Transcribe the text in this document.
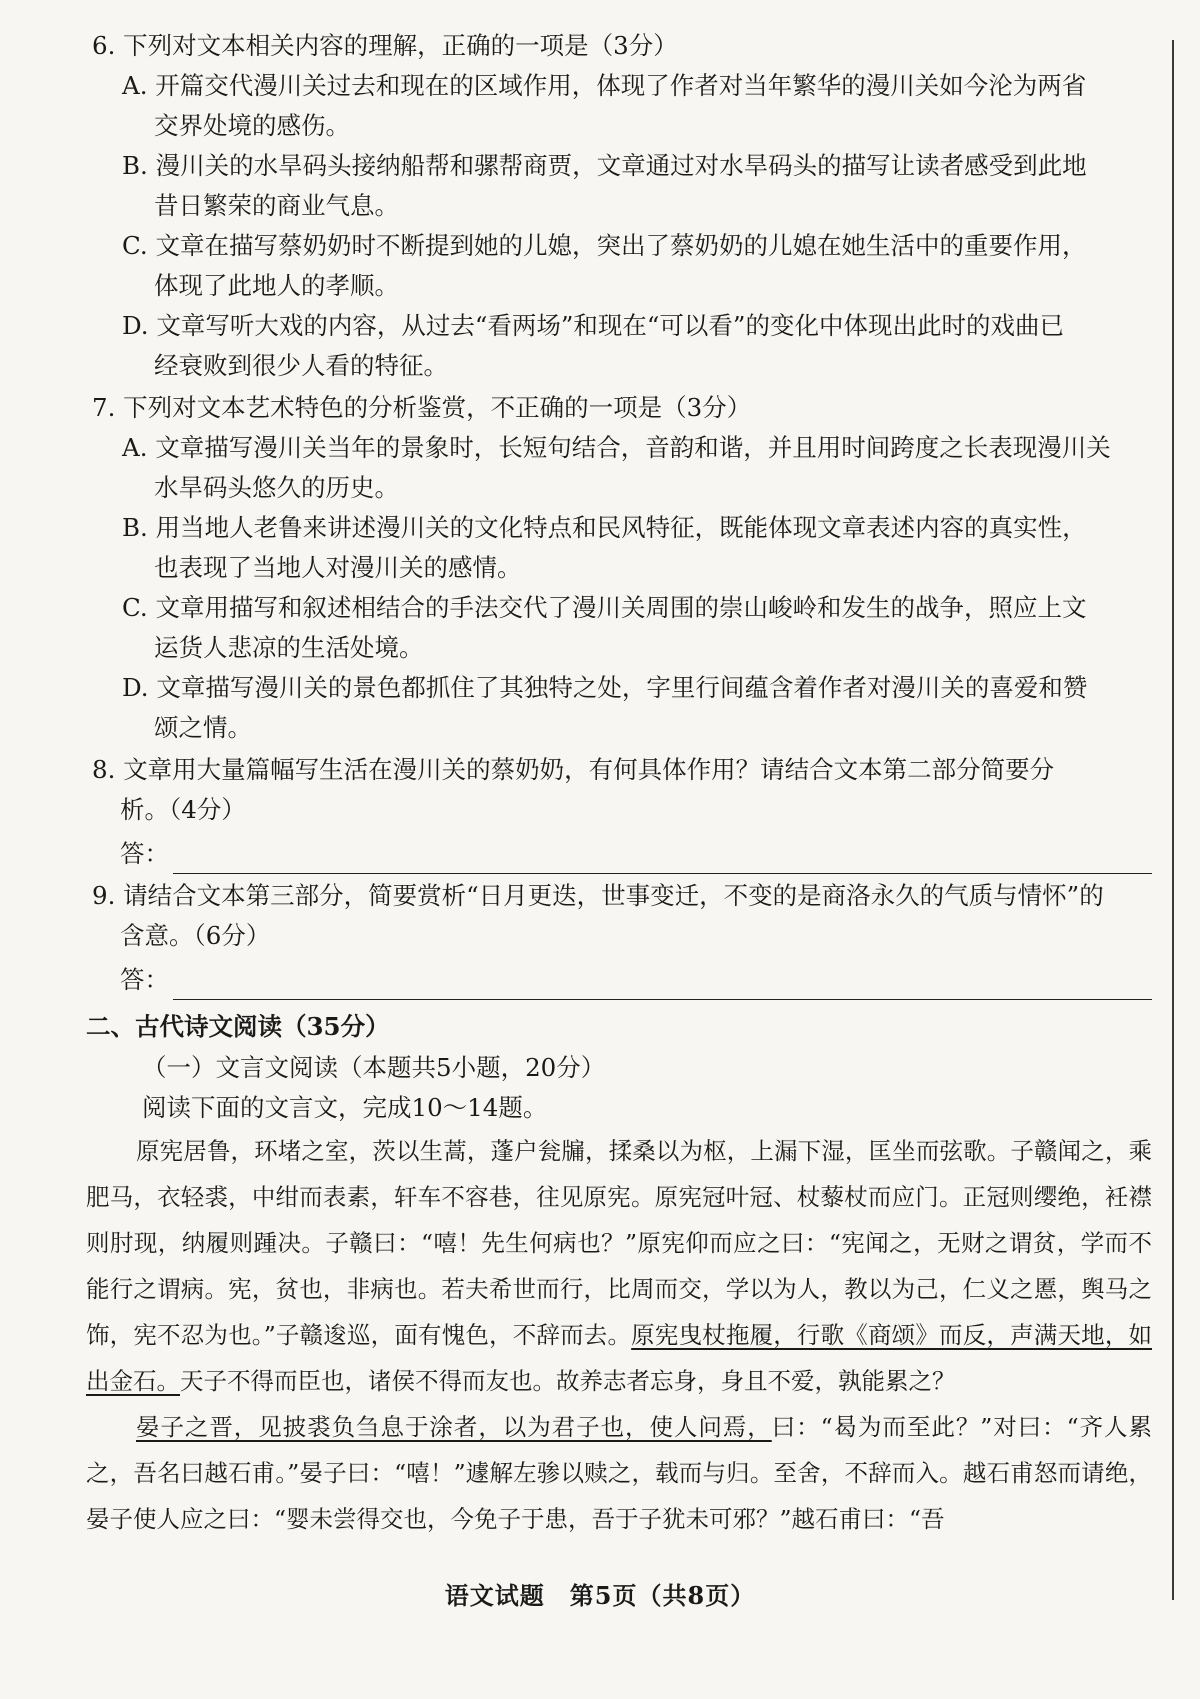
6. 下列对文本相关内容的理解，正确的一项是（3分）
A. 开篇交代漫川关过去和现在的区域作用，体现了作者对当年繁华的漫川关如今沦为两省
交界处境的感伤。
B. 漫川关的水旱码头接纳船帮和骡帮商贾，文章通过对水旱码头的描写让读者感受到此地
昔日繁荣的商业气息。
C. 文章在描写蔡奶奶时不断提到她的儿媳，突出了蔡奶奶的儿媳在她生活中的重要作用，
体现了此地人的孝顺。
D. 文章写听大戏的内容，从过去“看两场”和现在“可以看”的变化中体现出此时的戏曲已
经衰败到很少人看的特征。
7. 下列对文本艺术特色的分析鉴赏，不正确的一项是（3分）
A. 文章描写漫川关当年的景象时，长短句结合，音韵和谐，并且用时间跨度之长表现漫川关
水旱码头悠久的历史。
B. 用当地人老鲁来讲述漫川关的文化特点和民风特征，既能体现文章表述内容的真实性，
也表现了当地人对漫川关的感情。
C. 文章用描写和叙述相结合的手法交代了漫川关周围的崇山峻岭和发生的战争，照应上文
运货人悲凉的生活处境。
D. 文章描写漫川关的景色都抓住了其独特之处，字里行间蕴含着作者对漫川关的喜爱和赞
颂之情。
8. 文章用大量篇幅写生活在漫川关的蔡奶奶，有何具体作用？请结合文本第二部分简要分
析。（4分）
答：
9. 请结合文本第三部分，简要赏析“日月更迭，世事变迁，不变的是商洛永久的气质与情怀”的
含意。（6分）
答：
二、古代诗文阅读（35分）
（一）文言文阅读（本题共5小题，20分）
阅读下面的文言文，完成10～14题。
原宪居鲁，环堵之室，茨以生蒿，蓬户瓮牖，揉桑以为枢，上漏下湿，匡坐而弦歌。子赣闻之，乘肥马，衣轻裘，中绀而表素，轩车不容巷，往见原宪。原宪冠叶冠、杖藜杖而应门。正冠则缨绝，衽襟则肘现，纳履则踵决。子赣曰：“嘻！先生何病也？”原宪仰而应之曰：“宪闻之，无财之谓贫，学而不能行之谓病。宪，贫也，非病也。若夫希世而行，比周而交，学以为人，教以为己，仁义之慝，舆马之饰，宪不忍为也。”子赣逡巡，面有愧色，不辞而去。原宪曳杖拖履，行歌《商颂》而反，声满天地，如出金石。天子不得而臣也，诸侯不得而友也。故养志者忘身，身且不爱，孰能累之？
晏子之晋，见披裘负刍息于涂者，以为君子也，使人问焉，曰：“曷为而至此？”对曰：“齐人累之，吾名曰越石甫。”晏子曰：“嘻！”遽解左骖以赎之，载而与归。至舍，不辞而入。越石甫怒而请绝，晏子使人应之曰：“婴未尝得交也，今免子于患，吾于子犹未可邪？”越石甫曰：“吾
语文试题　第5页（共8页）
